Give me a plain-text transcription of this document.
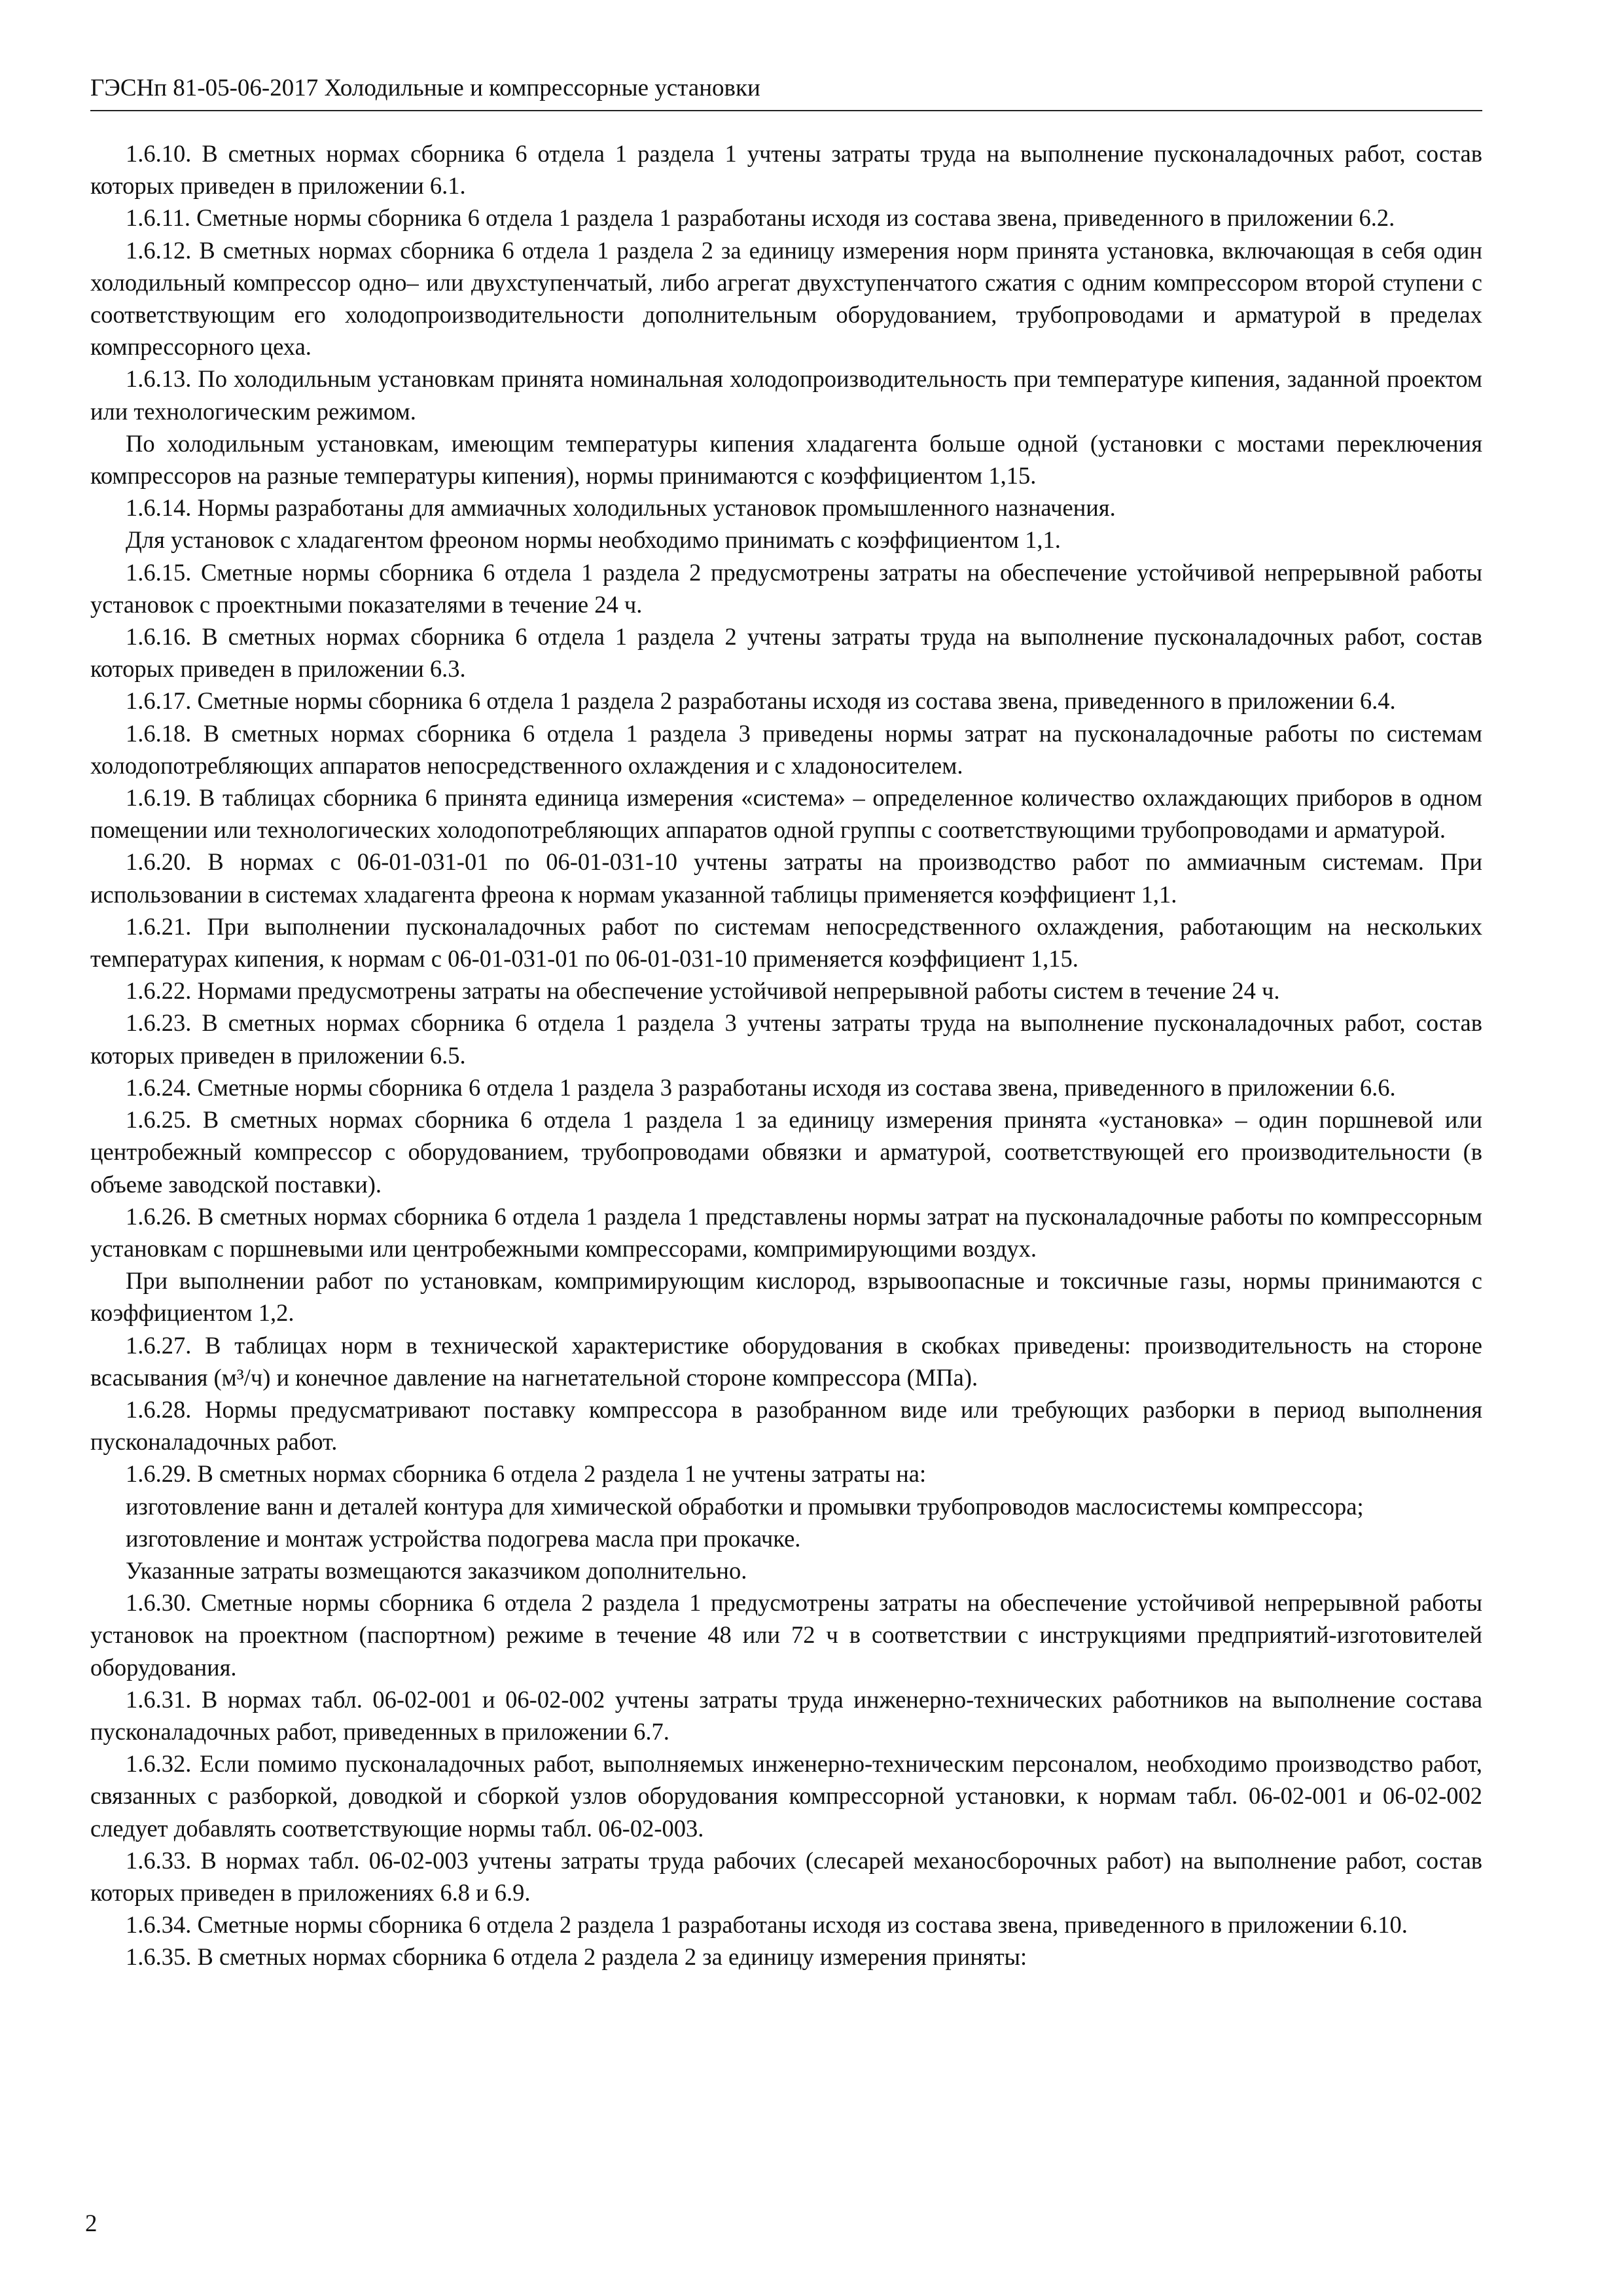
ГЭСНп 81-05-06-2017 Холодильные и компрессорные установки

1.6.10. В сметных нормах сборника 6 отдела 1 раздела 1 учтены затраты труда на выполнение пусконаладочных работ, состав которых приведен в приложении 6.1.

1.6.11. Сметные нормы сборника 6 отдела 1 раздела 1 разработаны исходя из состава звена, приведенного в приложении 6.2.

1.6.12. В сметных нормах сборника 6 отдела 1 раздела 2 за единицу измерения норм принята установка, включающая в себя один холодильный компрессор одно– или двухступенчатый, либо агрегат двухступенчатого сжатия с одним компрессором второй ступени с соответствующим его холодопроизводительности дополнительным оборудованием, трубопроводами и арматурой в пределах компрессорного цеха.

1.6.13. По холодильным установкам принята номинальная холодопроизводительность при температуре кипения, заданной проектом или технологическим режимом.

По холодильным установкам, имеющим температуры кипения хладагента больше одной (установки с мостами переключения компрессоров на разные температуры кипения), нормы принимаются с коэффициентом 1,15.

1.6.14. Нормы разработаны для аммиачных холодильных установок промышленного назначения.

Для установок с хладагентом фреоном нормы необходимо принимать с коэффициентом 1,1.

1.6.15. Сметные нормы сборника 6 отдела 1 раздела 2 предусмотрены затраты на обеспечение устойчивой непрерывной работы установок с проектными показателями в течение 24 ч.

1.6.16. В сметных нормах сборника 6 отдела 1 раздела 2 учтены затраты труда на выполнение пусконаладочных работ, состав которых приведен в приложении 6.3.

1.6.17. Сметные нормы сборника 6 отдела 1 раздела 2 разработаны исходя из состава звена, приведенного в приложении 6.4.

1.6.18. В сметных нормах сборника 6 отдела 1 раздела 3 приведены нормы затрат на пусконаладочные работы по системам холодопотребляющих аппаратов непосредственного охлаждения и с хладоносителем.

1.6.19. В таблицах сборника 6 принята единица измерения «система» – определенное количество охлаждающих приборов в одном помещении или технологических холодопотребляющих аппаратов одной группы с соответствующими трубопроводами и арматурой.

1.6.20. В нормах с 06-01-031-01 по 06-01-031-10 учтены затраты на производство работ по аммиачным системам. При использовании в системах хладагента фреона к нормам указанной таблицы применяется коэффициент 1,1.

1.6.21. При выполнении пусконаладочных работ по системам непосредственного охлаждения, работающим на нескольких температурах кипения, к нормам с 06-01-031-01 по 06-01-031-10 применяется коэффициент 1,15.

1.6.22. Нормами предусмотрены затраты на обеспечение устойчивой непрерывной работы систем в течение 24 ч.

1.6.23. В сметных нормах сборника 6 отдела 1 раздела 3 учтены затраты труда на выполнение пусконаладочных работ, состав которых приведен в приложении 6.5.

1.6.24. Сметные нормы сборника 6 отдела 1 раздела 3 разработаны исходя из состава звена, приведенного в приложении 6.6.

1.6.25. В сметных нормах сборника 6 отдела 1 раздела 1 за единицу измерения принята «установка» – один поршневой или центробежный компрессор с оборудованием, трубопроводами обвязки и арматурой, соответствующей его производительности (в объеме заводской поставки).

1.6.26. В сметных нормах сборника 6 отдела 1 раздела 1 представлены нормы затрат на пусконаладочные работы по компрессорным установкам с поршневыми или центробежными компрессорами, компримирующими воздух.

При выполнении работ по установкам, компримирующим кислород, взрывоопасные и токсичные газы, нормы принимаются с коэффициентом 1,2.

1.6.27. В таблицах норм в технической характеристике оборудования в скобках приведены: производительность на стороне всасывания (м³/ч) и конечное давление на нагнетательной стороне компрессора (МПа).

1.6.28. Нормы предусматривают поставку компрессора в разобранном виде или требующих разборки в период выполнения пусконаладочных работ.

1.6.29. В сметных нормах сборника 6 отдела 2 раздела 1 не учтены затраты на:

изготовление ванн и деталей контура для химической обработки и промывки трубопроводов маслосистемы компрессора;

изготовление и монтаж устройства подогрева масла при прокачке.

Указанные затраты возмещаются заказчиком дополнительно.

1.6.30. Сметные нормы сборника 6 отдела 2 раздела 1 предусмотрены затраты на обеспечение устойчивой непрерывной работы установок на проектном (паспортном) режиме в течение 48 или 72 ч в соответствии с инструкциями предприятий-изготовителей оборудования.

1.6.31. В нормах табл. 06-02-001 и 06-02-002 учтены затраты труда инженерно-технических работников на выполнение состава пусконаладочных работ, приведенных в приложении 6.7.

1.6.32. Если помимо пусконаладочных работ, выполняемых инженерно-техническим персоналом, необходимо производство работ, связанных с разборкой, доводкой и сборкой узлов оборудования компрессорной установки, к нормам табл. 06-02-001 и 06-02-002 следует добавлять соответствующие нормы табл. 06-02-003.

1.6.33. В нормах табл. 06-02-003 учтены затраты труда рабочих (слесарей механосборочных работ) на выполнение работ, состав которых приведен в приложениях 6.8 и 6.9.

1.6.34. Сметные нормы сборника 6 отдела 2 раздела 1 разработаны исходя из состава звена, приведенного в приложении 6.10.

1.6.35. В сметных нормах сборника 6 отдела 2 раздела 2 за единицу измерения приняты:

2
